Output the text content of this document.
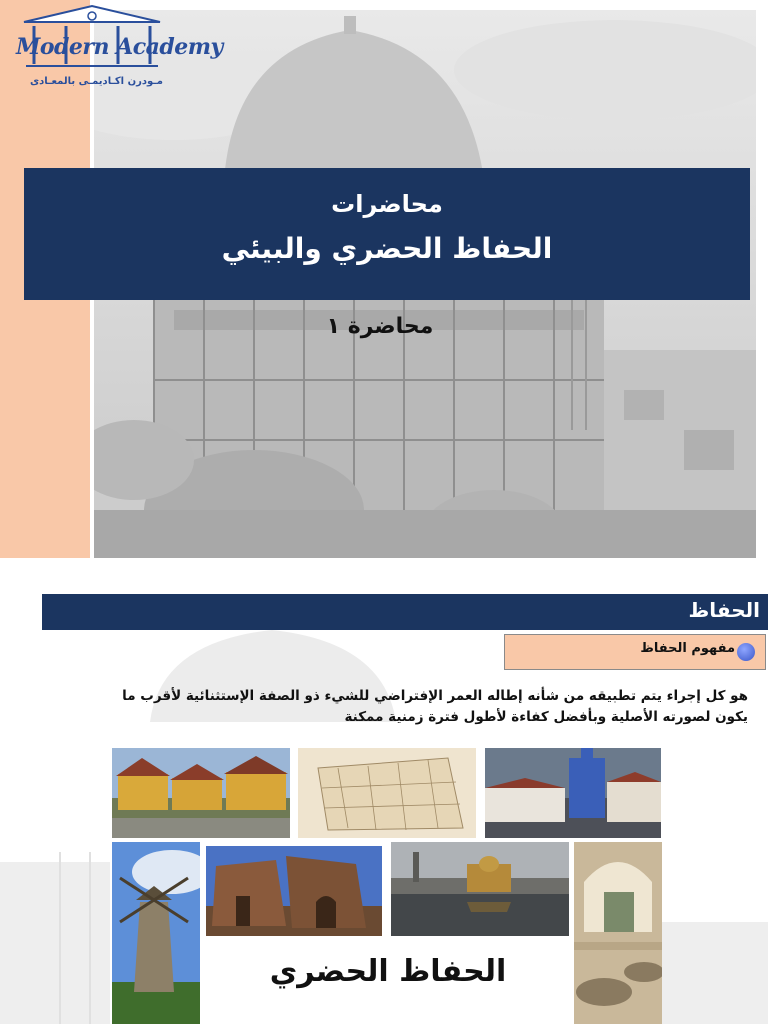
Modern Academy
مـودرن اكـاديمـى بالمعـادى
محاضرات
الحفاظ الحضري والبيئي
محاضرة ١
الحفاظ
مفهوم الحفاظ
هو كل إجراء يتم تطبيقه من شأنه إطاله العمر الإفتراضي للشيء ذو الصفة الإستثنائية لأقرب ما
يكون لصورته الأصلية وبأفضل كفاءة لأطول فترة زمنية ممكنة
الحفاظ الحضري
